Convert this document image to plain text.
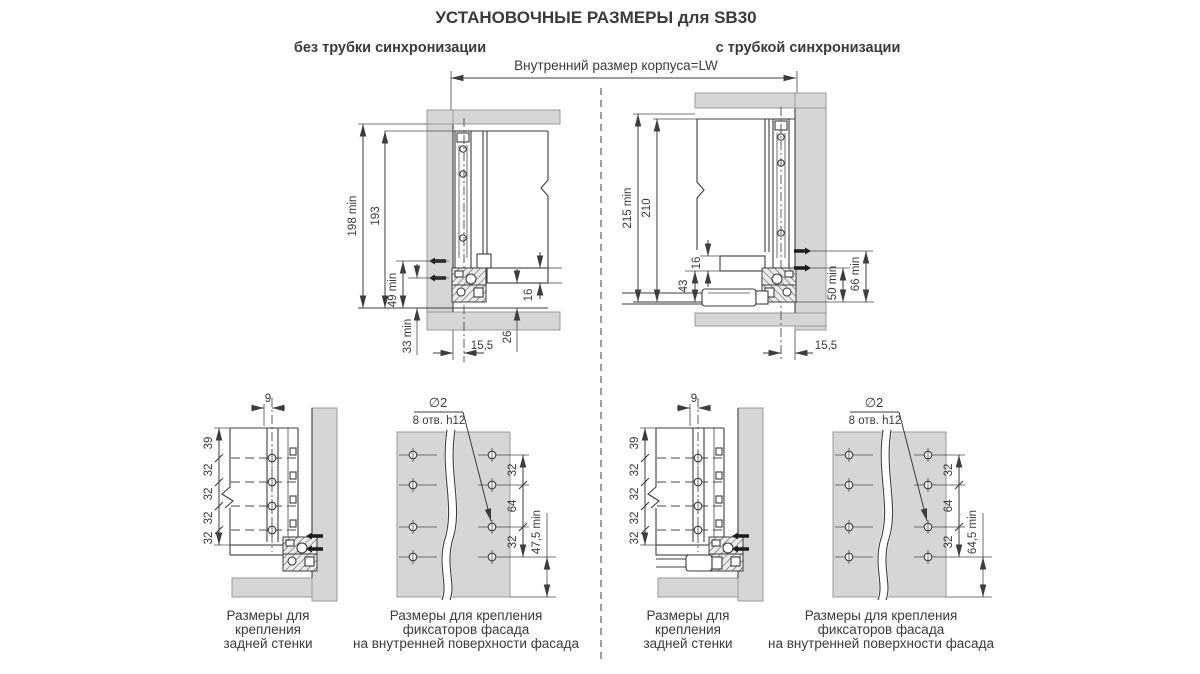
УСТАНОВОЧНЫЕ РАЗМЕРЫ для SB30
без трубки синхронизации	с трубкой синхронизации
Внутренний размер корпуса=LW
198 min 193
49 min
33 min
16
26
15,5
215 min 210
16
43	50 min 66 min
15,5
9
39
32
32
32
32
∅2
8 отв. h12
32
64
32 47,5 min
9
39
32
32
32
32
∅2
8 отв. h12
32
64
32 64,5 min
Размеры для
крепления
задней стенки
Размеры для крепления
фиксаторов фасада
на внутренней поверхности фасада
Размеры для
крепления
задней стенки
Размеры для крепления
фиксаторов фасада
на внутренней поверхности фасада
